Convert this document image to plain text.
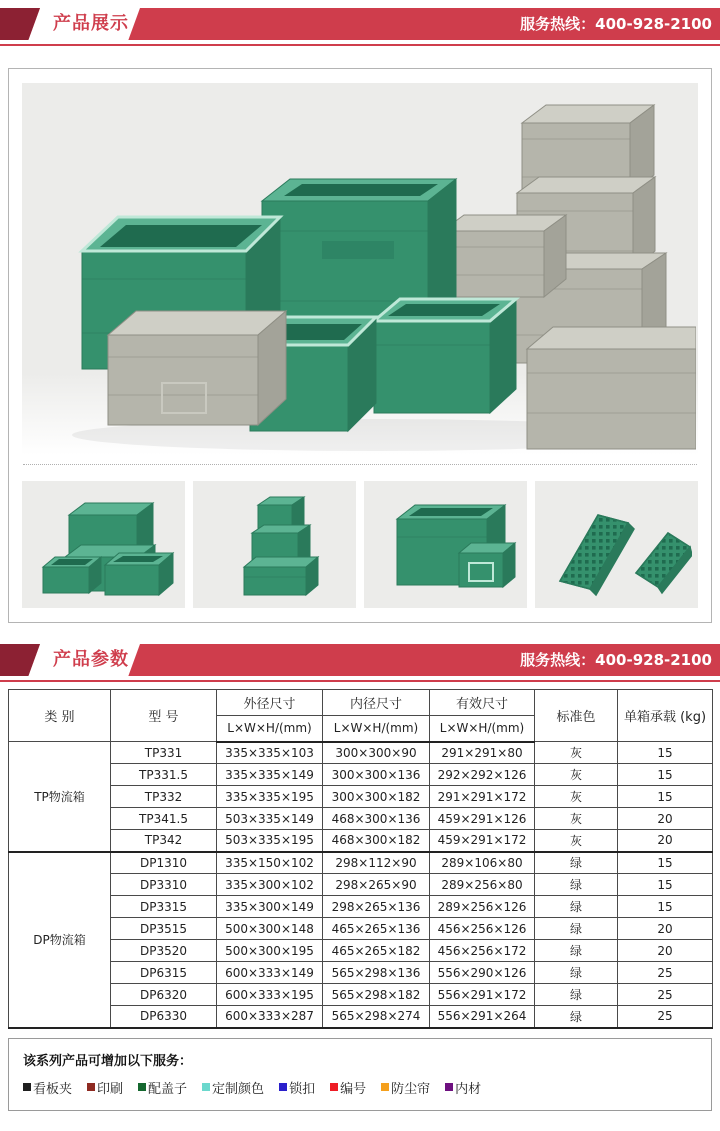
产品展示	服务热线：400-928-2100
产品参数	服务热线：400-928-2100
类 别	型 号	外径尺寸	内径尺寸	有效尺寸	标准色	单箱承载 (kg)
		L×W×H/(mm)	L×W×H/(mm)	L×W×H/(mm)		
TP物流箱	TP331	335×335×103	300×300×90	291×291×80	灰	15
	TP331.5	335×335×149	300×300×136	292×292×126	灰	15
	TP332	335×335×195	300×300×182	291×291×172	灰	15
	TP341.5	503×335×149	468×300×136	459×291×126	灰	20
	TP342	503×335×195	468×300×182	459×291×172	灰	20
DP物流箱	DP1310	335×150×102	298×112×90	289×106×80	绿	15
	DP3310	335×300×102	298×265×90	289×256×80	绿	15
	DP3315	335×300×149	298×265×136	289×256×126	绿	15
	DP3515	500×300×148	465×265×136	456×256×126	绿	20
	DP3520	500×300×195	465×265×182	456×256×172	绿	20
	DP6315	600×333×149	565×298×136	556×290×126	绿	25
	DP6320	600×333×195	565×298×182	556×291×172	绿	25
	DP6330	600×333×287	565×298×274	556×291×264	绿	25
该系列产品可增加以下服务：
看板夹 印刷 配盖子 定制颜色 锁扣 编号 防尘帘 内材
